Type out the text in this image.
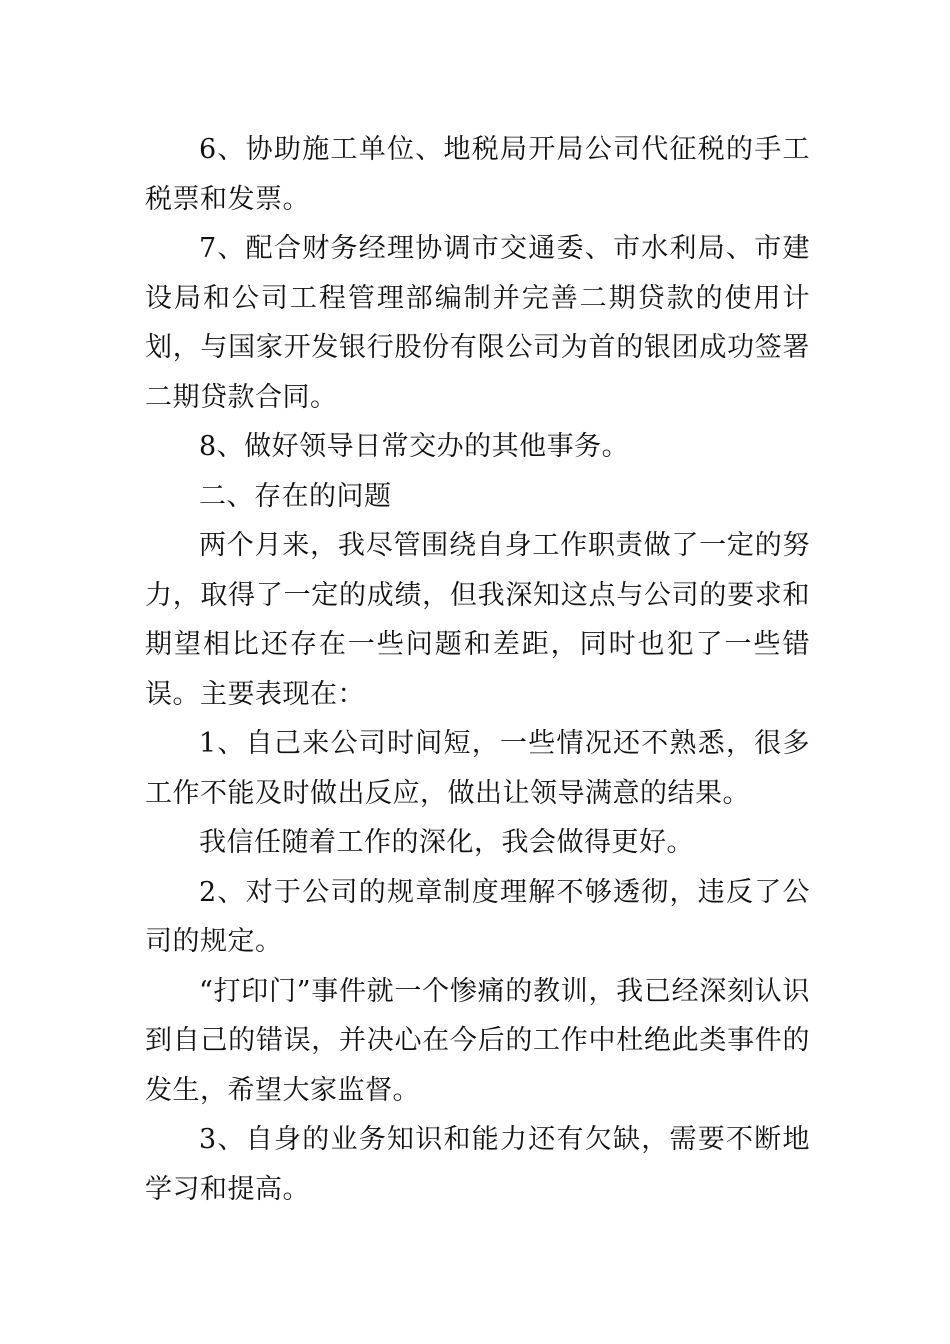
6、协助施工单位、地税局开局公司代征税的手工税票和发票。

7、配合财务经理协调市交通委、市水利局、市建设局和公司工程管理部编制并完善二期贷款的使用计划，与国家开发银行股份有限公司为首的银团成功签署二期贷款合同。

8、做好领导日常交办的其他事务。

二、存在的问题

两个月来，我尽管围绕自身工作职责做了一定的努力，取得了一定的成绩，但我深知这点与公司的要求和期望相比还存在一些问题和差距，同时也犯了一些错误。主要表现在：

1、自己来公司时间短，一些情况还不熟悉，很多工作不能及时做出反应，做出让领导满意的结果。

我信任随着工作的深化，我会做得更好。

2、对于公司的规章制度理解不够透彻，违反了公司的规定。

“打印门”事件就一个惨痛的教训，我已经深刻认识到自己的错误，并决心在今后的工作中杜绝此类事件的发生，希望大家监督。

3、自身的业务知识和能力还有欠缺，需要不断地学习和提高。
